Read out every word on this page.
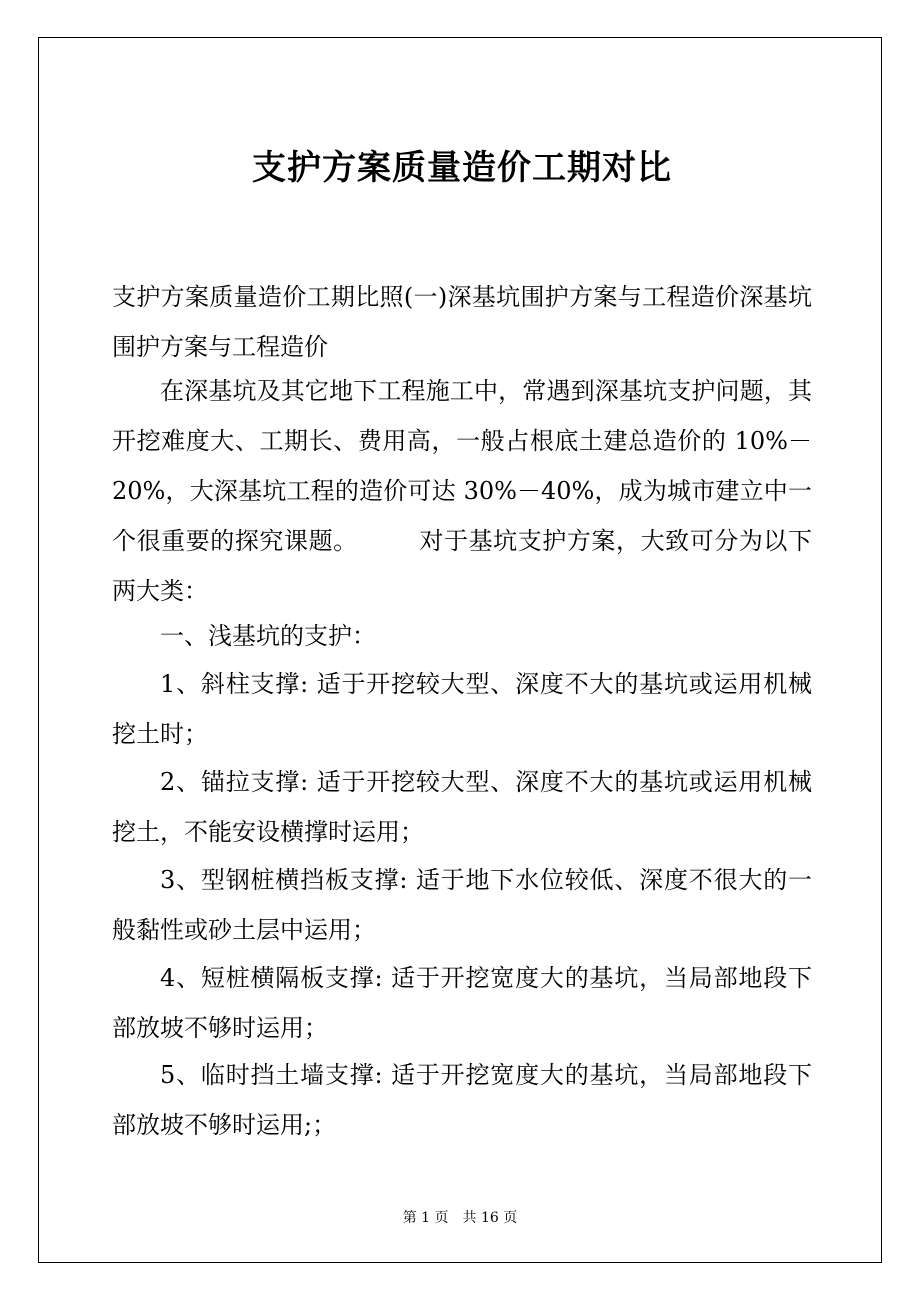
支护方案质量造价工期对比

支护方案质量造价工期比照(一)深基坑围护方案与工程造价深基坑围护方案与工程造价

在深基坑及其它地下工程施工中，常遇到深基坑支护问题，其开挖难度大、工期长、费用高，一般占根底土建总造价的 10%－20%，大深基坑工程的造价可达 30%－40%，成为城市建立中一个很重要的探究课题。　　　对于基坑支护方案，大致可分为以下两大类：

一、浅基坑的支护：

1、斜柱支撑: 适于开挖较大型、深度不大的基坑或运用机械挖土时；

2、锚拉支撑: 适于开挖较大型、深度不大的基坑或运用机械挖土，不能安设横撑时运用；

3、型钢桩横挡板支撑: 适于地下水位较低、深度不很大的一般黏性或砂土层中运用；

4、短桩横隔板支撑: 适于开挖宽度大的基坑，当局部地段下部放坡不够时运用；

5、临时挡土墙支撑: 适于开挖宽度大的基坑，当局部地段下部放坡不够时运用;；

第 1 页 共 16 页
